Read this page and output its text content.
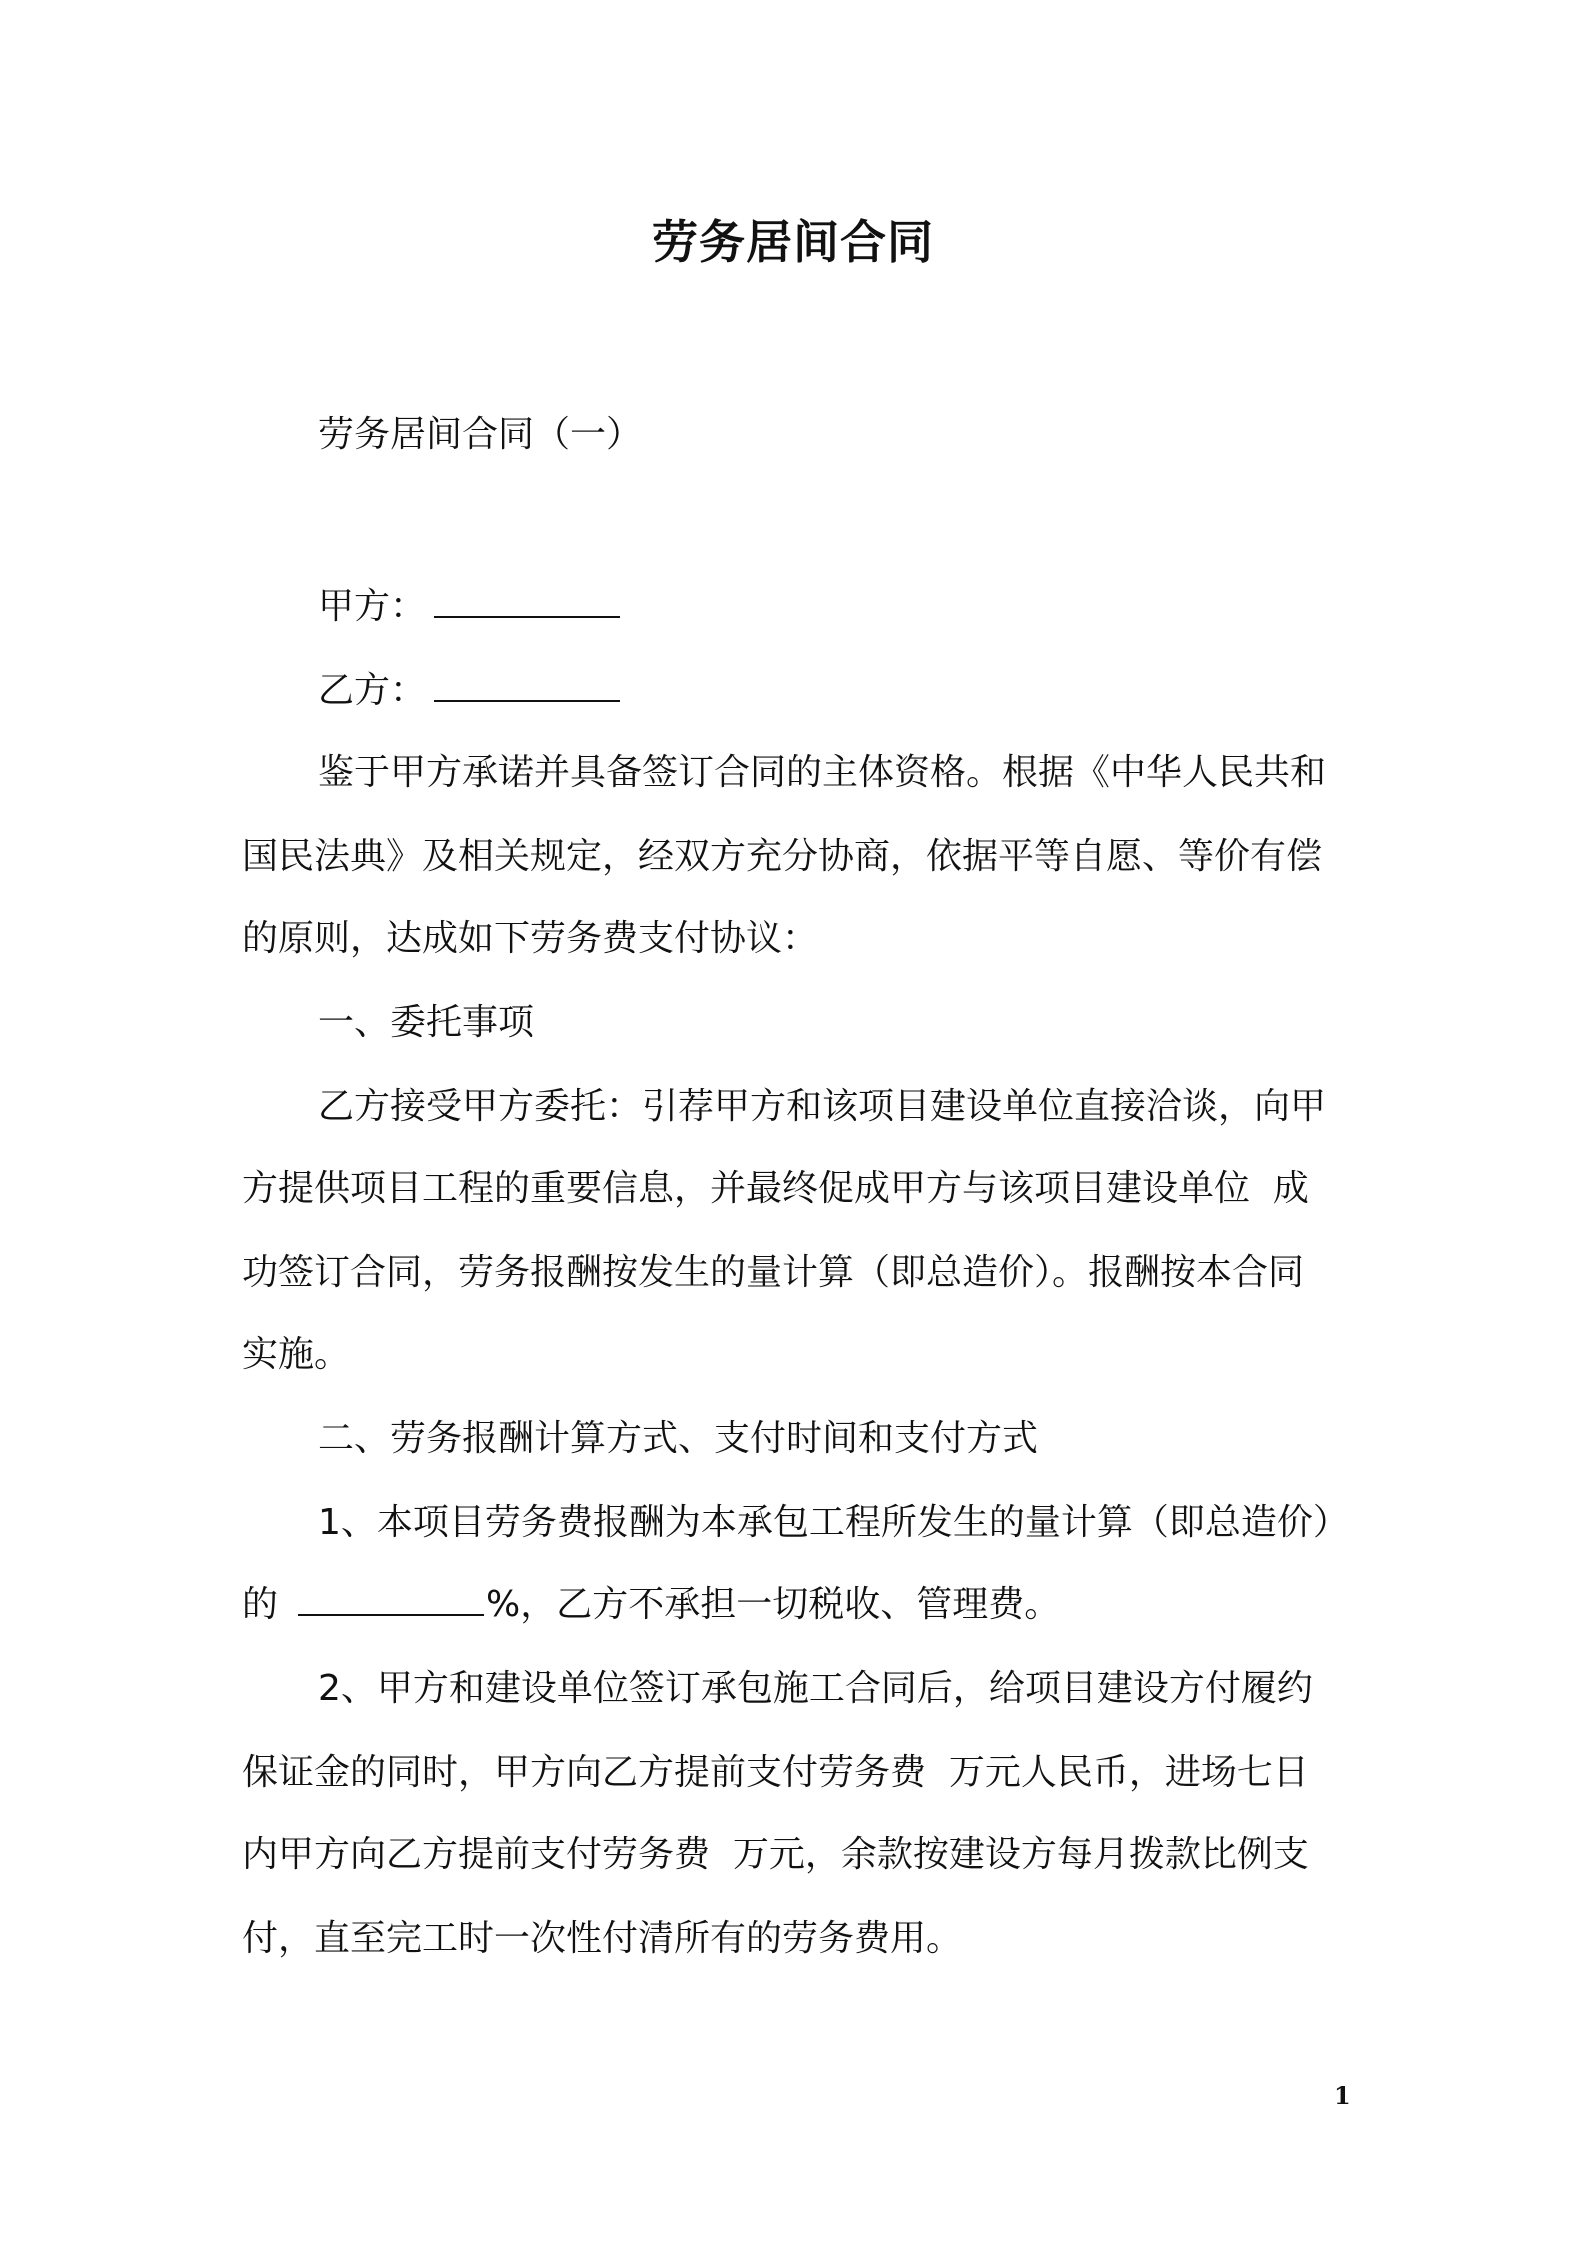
劳务居间合同
劳务居间合同（一）
甲方：
乙方：
鉴于甲方承诺并具备签订合同的主体资格。根据《中华人民共和
国民法典》及相关规定，经双方充分协商，依据平等自愿、等价有偿
的原则，达成如下劳务费支付协议：
一、委托事项
乙方接受甲方委托：引荐甲方和该项目建设单位直接洽谈，向甲
方提供项目工程的重要信息，并最终促成甲方与该项目建设单位  成
功签订合同，劳务报酬按发生的量计算（即总造价）。报酬按本合同
实施。
二、劳务报酬计算方式、支付时间和支付方式
1、本项目劳务费报酬为本承包工程所发生的量计算（即总造价）
的	%，乙方不承担一切税收、管理费。
2、甲方和建设单位签订承包施工合同后，给项目建设方付履约
保证金的同时，甲方向乙方提前支付劳务费  万元人民币，进场七日
内甲方向乙方提前支付劳务费  万元，余款按建设方每月拨款比例支
付，直至完工时一次性付清所有的劳务费用。
1
